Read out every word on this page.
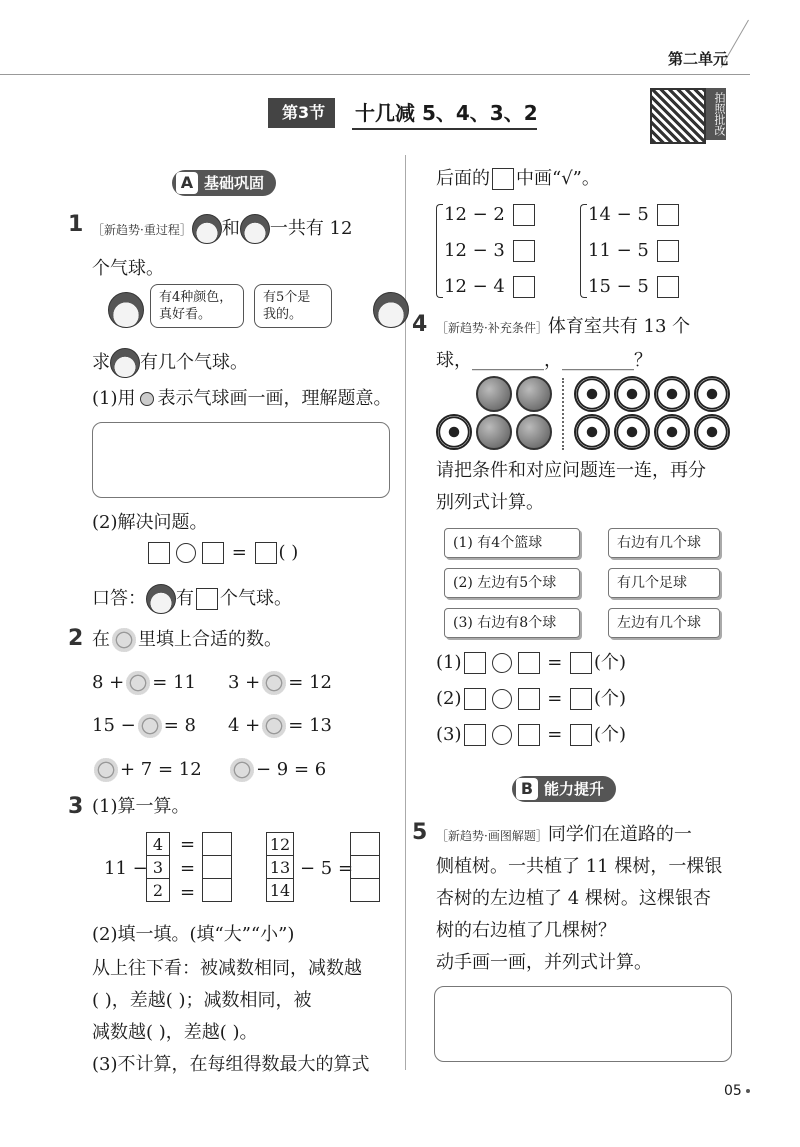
第二单元
第3节	十几减 5、4、3、2	拍照批改
A 基础巩固
1 ［新趋势·重过程］ 和 一共有 12
个气球。

有4种颜色，真好看。
有5个是我的。
求 有几个气球。
(1)用 表示气球画一画，理解题意。
(2)解决问题。
= ( )
口答： 有 个气球。
2 在 里填上合适的数。
8 + = 11 3 + = 12
15 − = 8 4 + = 13
+ 7 = 12	− 9 = 6
3 (1)算一算。
11 −
4
3
2
=
=
=

12
13
14
− 5 =

(2)填一填。(填“大”“小”)
从上往下看：被减数相同，减数越
( )，差越( )；减数相同，被
减数越( )，差越( )。
(3)不计算，在每组得数最大的算式
后面的 中画“√”。
12 − 2
12 − 3
12 − 4
14 − 5
11 − 5
15 − 5
4 ［新趋势·补充条件］体育室共有 13 个
球，________，________？
请把条件和对应问题连一连，再分
别列式计算。
(1) 有4个篮球
(2) 左边有5个球
(3) 右边有8个球
右边有几个球
有几个足球
左边有几个球
(1)	= (个)
(2)	= (个)
(3)	= (个)
B 能力提升
5 ［新趋势·画图解题］同学们在道路的一
侧植树。一共植了 11 棵树，一棵银
杏树的左边植了 4 棵树。这棵银杏
树的右边植了几棵树？
动手画一画，并列式计算。
05
